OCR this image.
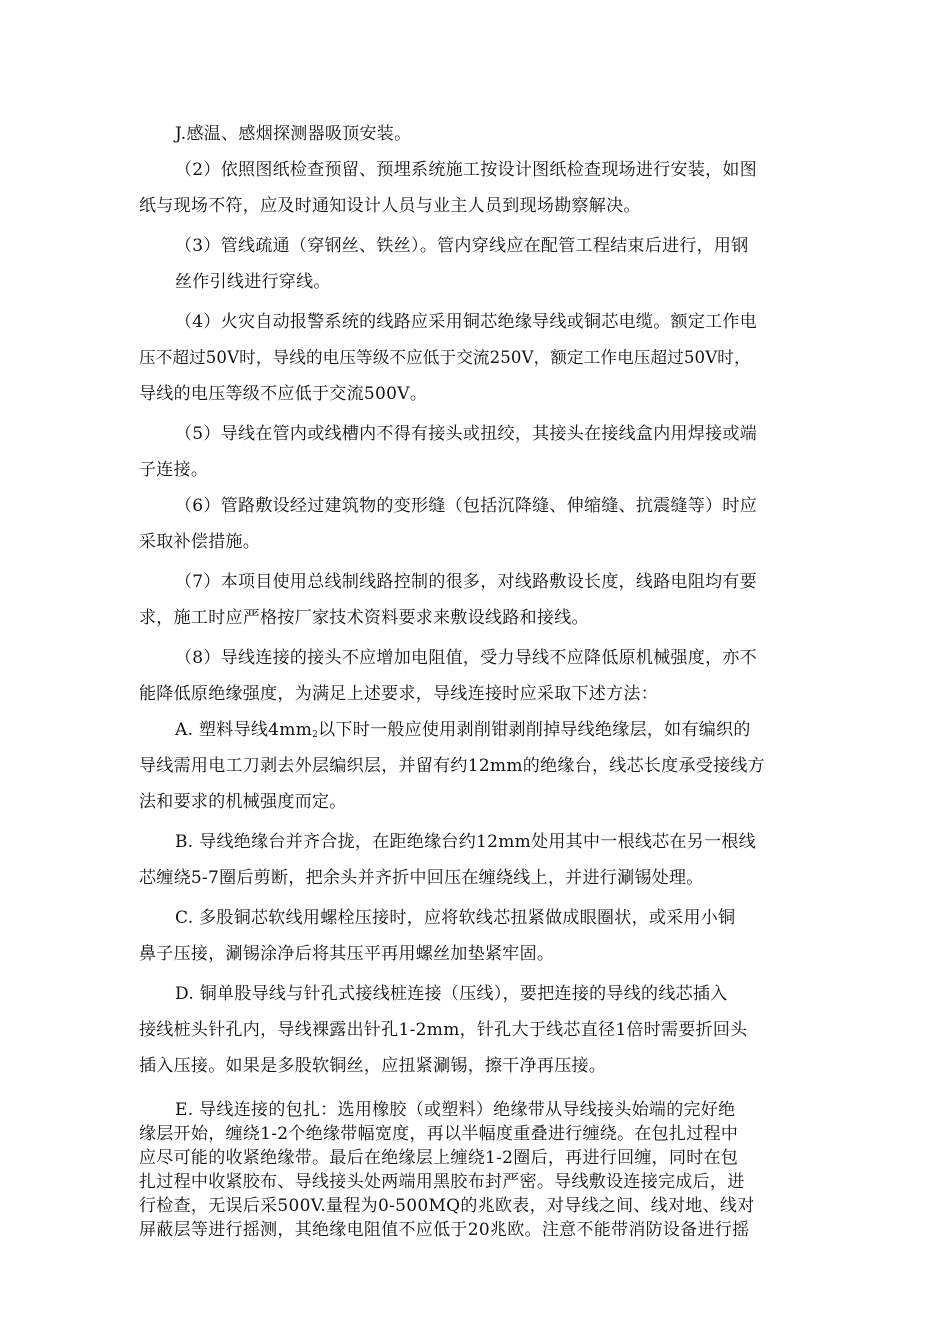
J.感温、感烟探测器吸顶安装。
（2）依照图纸检查预留、预埋系统施工按设计图纸检查现场进行安装，如图
纸与现场不符，应及时通知设计人员与业主人员到现场勘察解决。
（3）管线疏通（穿钢丝、铁丝）。管内穿线应在配管工程结束后进行，用钢
丝作引线进行穿线。
（4）火灾自动报警系统的线路应采用铜芯绝缘导线或铜芯电缆。额定工作电
压不超过50V时，导线的电压等级不应低于交流250V，额定工作电压超过50V时，
导线的电压等级不应低于交流500V。
（5）导线在管内或线槽内不得有接头或扭绞，其接头在接线盒内用焊接或端
子连接。
（6）管路敷设经过建筑物的变形缝（包括沉降缝、伸缩缝、抗震缝等）时应
采取补偿措施。
（7）本项目使用总线制线路控制的很多，对线路敷设长度，线路电阻均有要
求，施工时应严格按厂家技术资料要求来敷设线路和接线。
（8）导线连接的接头不应增加电阻值，受力导线不应降低原机械强度，亦不
能降低原绝缘强度，为满足上述要求，导线连接时应采取下述方法：
A. 塑料导线$4mm_2$以下时一般应使用剥削钳剥削掉导线绝缘层，如有编织的
导线需用电工刀剥去外层编织层，并留有约12mm的绝缘台，线芯长度承受接线方
法和要求的机械强度而定。
B. 导线绝缘台并齐合拢，在距绝缘台约12mm处用其中一根线芯在另一根线
芯缠绕5-7圈后剪断，把余头并齐折中回压在缠绕线上，并进行涮锡处理。
C. 多股铜芯软线用螺栓压接时，应将软线芯扭紧做成眼圈状，或采用小铜
鼻子压接，涮锡涂净后将其压平再用螺丝加垫紧牢固。
D. 铜单股导线与针孔式接线桩连接（压线），要把连接的导线的线芯插入
接线桩头针孔内，导线裸露出针孔1-2mm，针孔大于线芯直径1倍时需要折回头
插入压接。如果是多股软铜丝，应扭紧涮锡，擦干净再压接。
E. 导线连接的包扎：选用橡胶（或塑料）绝缘带从导线接头始端的完好绝
缘层开始，缠绕1-2个绝缘带幅宽度，再以半幅度重叠进行缠绕。在包扎过程中
应尽可能的收紧绝缘带。最后在绝缘层上缠绕1-2圈后，再进行回缠，同时在包
扎过程中收紧胶布、导线接头处两端用黑胶布封严密。导线敷设连接完成后，进
行检查，无误后采500V.量程为0-500MQ的兆欧表，对导线之间、线对地、线对
屏蔽层等进行摇测，其绝缘电阻值不应低于20兆欧。注意不能带消防设备进行摇
